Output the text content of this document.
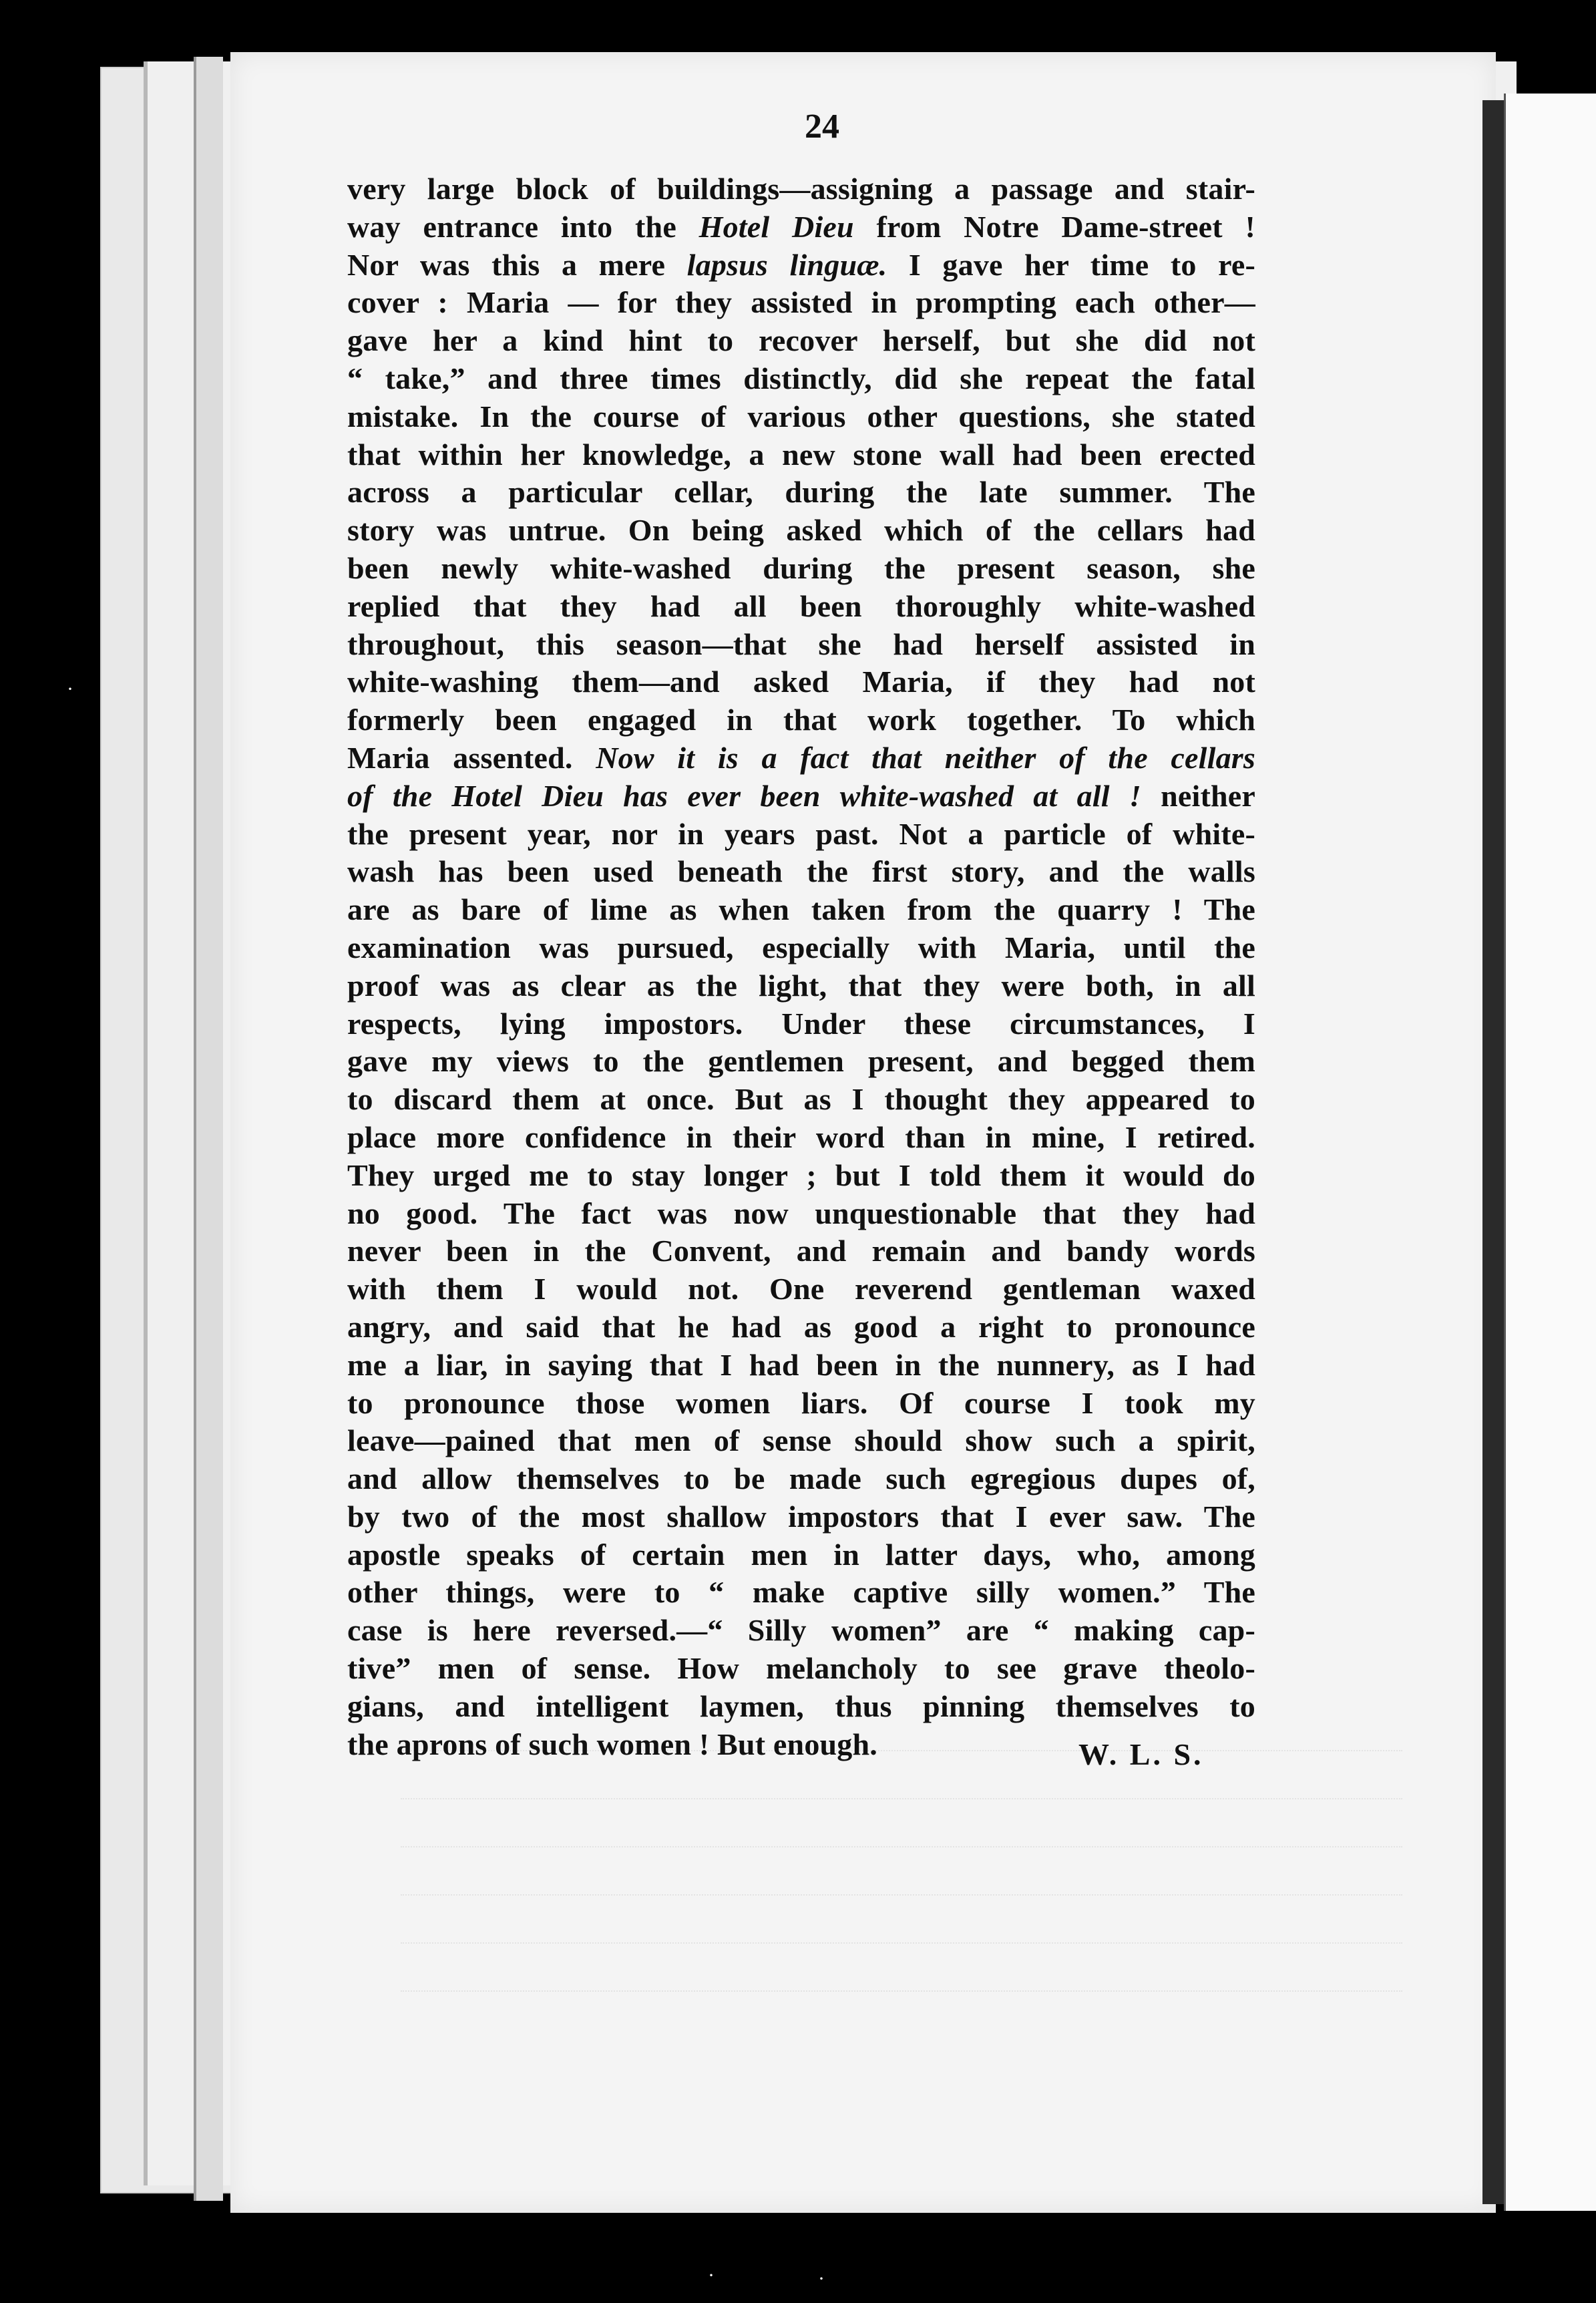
24
very large block of buildings—assigning a passage and stair-
way entrance into the Hotel Dieu from Notre Dame-street !
Nor was this a mere lapsus linguæ. I gave her time to re-
cover : Maria — for they assisted in prompting each other—
gave her a kind hint to recover herself, but she did not
“ take,” and three times distinctly, did she repeat the fatal
mistake. In the course of various other questions, she stated
that within her knowledge, a new stone wall had been erected
across a particular cellar, during the late summer. The
story was untrue. On being asked which of the cellars had
been newly white-washed during the present season, she
replied that they had all been thoroughly white-washed
throughout, this season—that she had herself assisted in
white-washing them—and asked Maria, if they had not
formerly been engaged in that work together. To which
Maria assented. Now it is a fact that neither of the cellars
of the Hotel Dieu has ever been white-washed at all ! neither
the present year, nor in years past. Not a particle of white-
wash has been used beneath the first story, and the walls
are as bare of lime as when taken from the quarry ! The
examination was pursued, especially with Maria, until the
proof was as clear as the light, that they were both, in all
respects, lying impostors. Under these circumstances, I
gave my views to the gentlemen present, and begged them
to discard them at once. But as I thought they appeared to
place more confidence in their word than in mine, I retired.
They urged me to stay longer ; but I told them it would do
no good. The fact was now unquestionable that they had
never been in the Convent, and remain and bandy words
with them I would not. One reverend gentleman waxed
angry, and said that he had as good a right to pronounce
me a liar, in saying that I had been in the nunnery, as I had
to pronounce those women liars. Of course I took my
leave—pained that men of sense should show such a spirit,
and allow themselves to be made such egregious dupes of,
by two of the most shallow impostors that I ever saw. The
apostle speaks of certain men in latter days, who, among
other things, were to “ make captive silly women.” The
case is here reversed.—“ Silly women” are “ making cap-
tive” men of sense. How melancholy to see grave theolo-
gians, and intelligent laymen, thus pinning themselves to
the aprons of such women ! But enough.	W. L. S.
·
·	·
